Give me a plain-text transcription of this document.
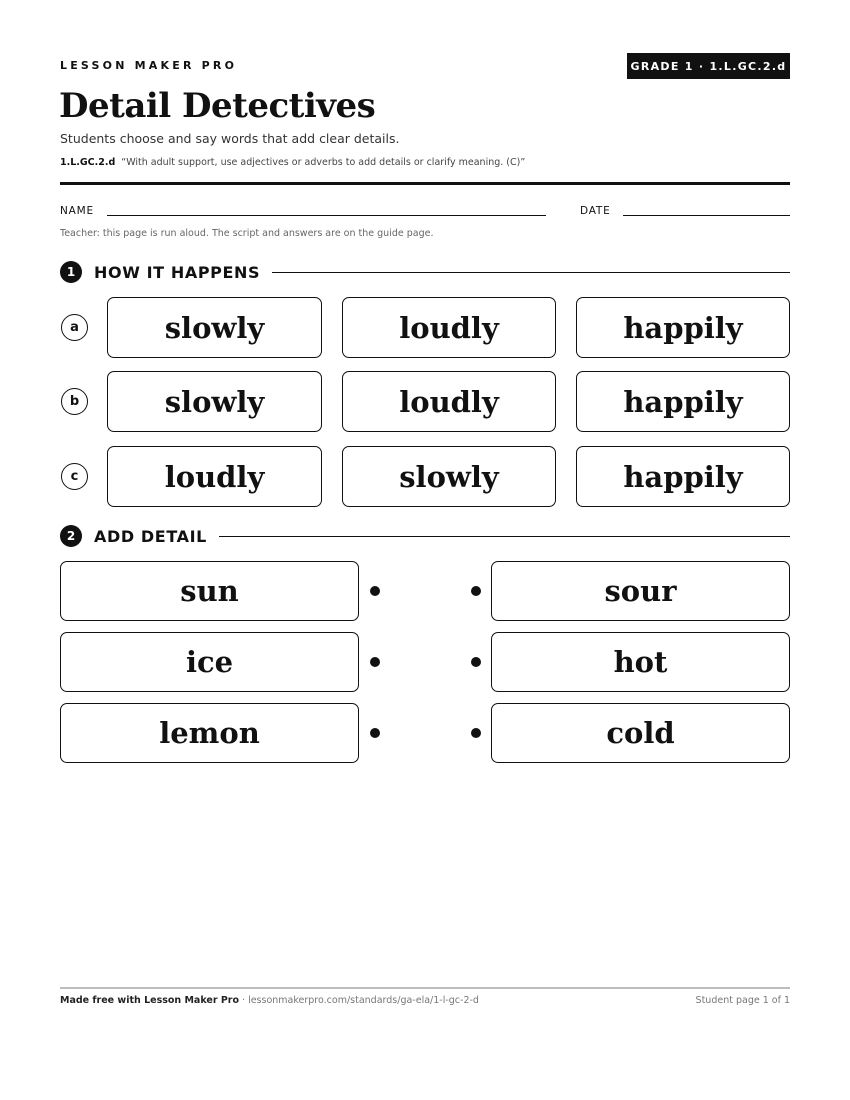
LESSON MAKER PRO	GRADE 1 · 1.L.GC.2.d
Detail Detectives
Students choose and say words that add clear details.
1.L.GC.2.d “With adult support, use adjectives or adverbs to add details or clarify meaning. (C)”
NAME	DATE
Teacher: this page is run aloud. The script and answers are on the guide page.
1	HOW IT HAPPENS
a	slowly	loudly	happily
b	slowly	loudly	happily
c	loudly	slowly	happily
2	ADD DETAIL
sun	sour
ice	hot
lemon	cold
Made free with Lesson Maker Pro · lessonmakerpro.com/standards/ga-ela/1-l-gc-2-d	Student page 1 of 1
